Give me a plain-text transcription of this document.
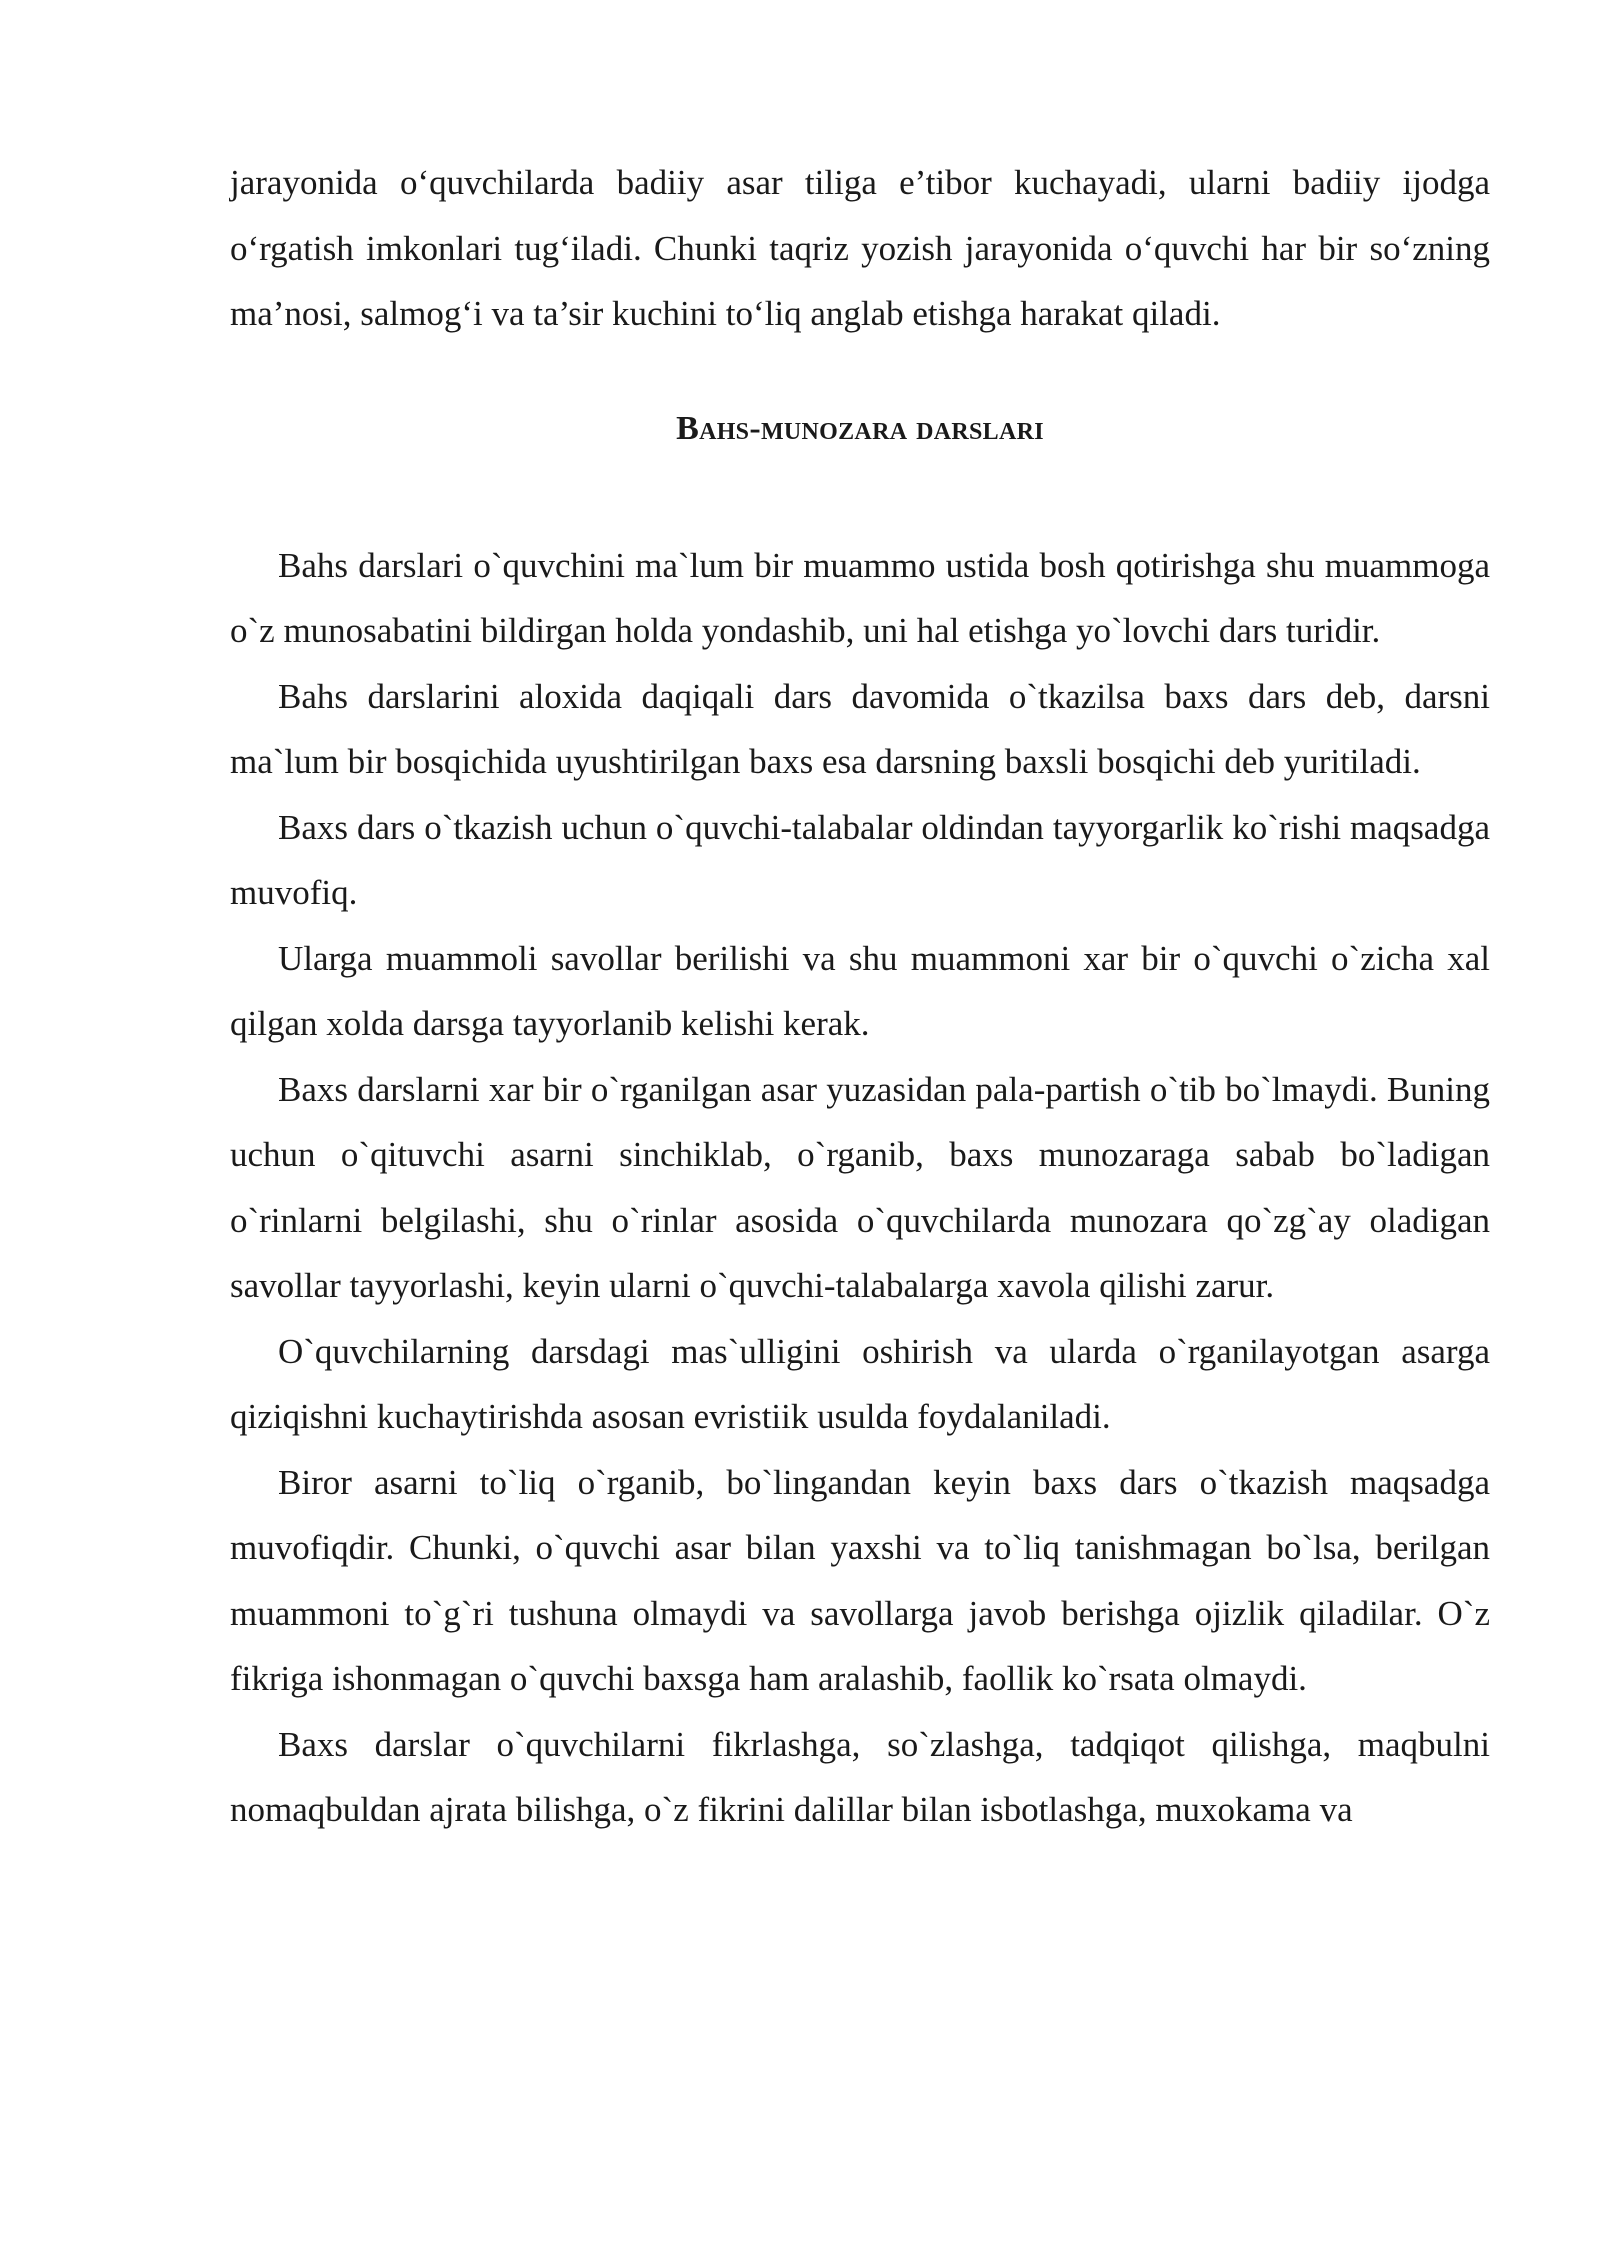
jarayonida o‘quvchilarda badiiy asar tiliga e’tibor kuchayadi, ularni badiiy ijodga o‘rgatish imkonlari tug‘iladi. Chunki taqriz yozish jarayonida o‘quvchi har bir so‘zning ma’nosi, salmog‘i va ta’sir kuchini to‘liq anglab etishga harakat qiladi.

Bahs-munozara darslari

Bahs darslari o`quvchini ma`lum bir muammo ustida bosh qotirishga shu muammoga o`z munosabatini bildirgan holda yondashib, uni hal etishga yo`lovchi dars turidir.

Bahs darslarini aloxida daqiqali dars davomida o`tkazilsa baxs dars deb, darsni ma`lum bir bosqichida uyushtirilgan baxs esa darsning baxsli bosqichi deb yuritiladi.

Baxs dars o`tkazish uchun o`quvchi-talabalar oldindan tayyorgarlik ko`rishi maqsadga muvofiq.

Ularga muammoli savollar berilishi va shu muammoni xar bir o`quvchi o`zicha xal qilgan xolda darsga tayyorlanib kelishi kerak.

Baxs darslarni xar bir o`rganilgan asar yuzasidan pala-partish o`tib bo`lmaydi. Buning uchun o`qituvchi asarni sinchiklab, o`rganib, baxs munozaraga sabab bo`ladigan o`rinlarni belgilashi, shu o`rinlar asosida o`quvchilarda munozara qo`zg`ay oladigan savollar tayyorlashi, keyin ularni o`quvchi-talabalarga xavola qilishi zarur.

O`quvchilarning darsdagi mas`ulligini oshirish va ularda o`rganilayotgan asarga qiziqishni kuchaytirishda asosan evristiik usulda foydalaniladi.

Biror asarni to`liq o`rganib, bo`lingandan keyin baxs dars o`tkazish maqsadga muvofiqdir. Chunki, o`quvchi asar bilan yaxshi va to`liq tanishmagan bo`lsa, berilgan muammoni to`g`ri tushuna olmaydi va savollarga javob berishga ojizlik qiladilar. O`z fikriga ishonmagan o`quvchi baxsga ham aralashib, faollik ko`rsata olmaydi.

Baxs darslar o`quvchilarni fikrlashga, so`zlashga, tadqiqot qilishga, maqbulni nomaqbuldan ajrata bilishga, o`z fikrini dalillar bilan isbotlashga, muxokama va
